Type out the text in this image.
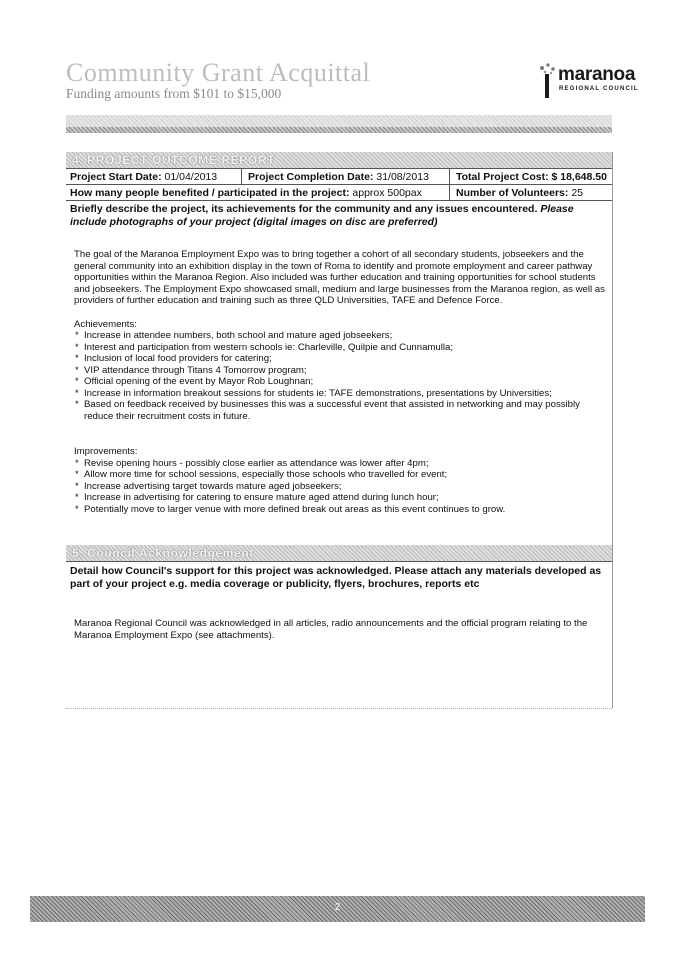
Community Grant Acquittal
Funding amounts from $101 to $15,000
maranoa
REGIONAL COUNCIL
4. PROJECT OUTCOME REPORT
Project Start Date: 01/04/2013	Project Completion Date: 31/08/2013	Total Project Cost: $ 18,648.50
How many people benefited / participated in the project: approx 500pax	Number of Volunteers: 25
Briefly describe the project, its achievements for the community and any issues encountered. Please include photographs of your project (digital images on disc are preferred)

The goal of the Maranoa Employment Expo was to bring together a cohort of all secondary students, jobseekers and the general community into an exhibition display in the town of Roma to identify and promote employment and career pathway opportunities within the Maranoa Region. Also included was further education and training opportunities for school students and jobseekers. The Employment Expo showcased small, medium and large businesses from the Maranoa region, as well as providers of further education and training such as three QLD Universities, TAFE and Defence Force.

Achievements:

* Increase in attendee numbers, both school and mature aged jobseekers;
* Interest and participation from western schools ie: Charleville, Quilpie and Cunnamulla;
* Inclusion of local food providers for catering;
* VIP attendance through Titans 4 Tomorrow program;
* Official opening of the event by Mayor Rob Loughnan;
* Increase in information breakout sessions for students ie: TAFE demonstrations, presentations by Universities;
* Based on feedback received by businesses this was a successful event that assisted in networking and may possibly reduce their recruitment costs in future.

Improvements:

* Revise opening hours - possibly close earlier as attendance was lower after 4pm;
* Allow more time for school sessions, especially those schools who travelled for event;
* Increase advertising target towards mature aged jobseekers;
* Increase in advertising for catering to ensure mature aged attend during lunch hour;
* Potentially move to larger venue with more defined break out areas as this event continues to grow.
5. Council Acknowledgement
Detail how Council's support for this project was acknowledged. Please attach any materials developed as part of your project e.g. media coverage or publicity, flyers, brochures, reports etc

Maranoa Regional Council was acknowledged in all articles, radio announcements and the official program relating to the Maranoa Employment Expo (see attachments).

2
